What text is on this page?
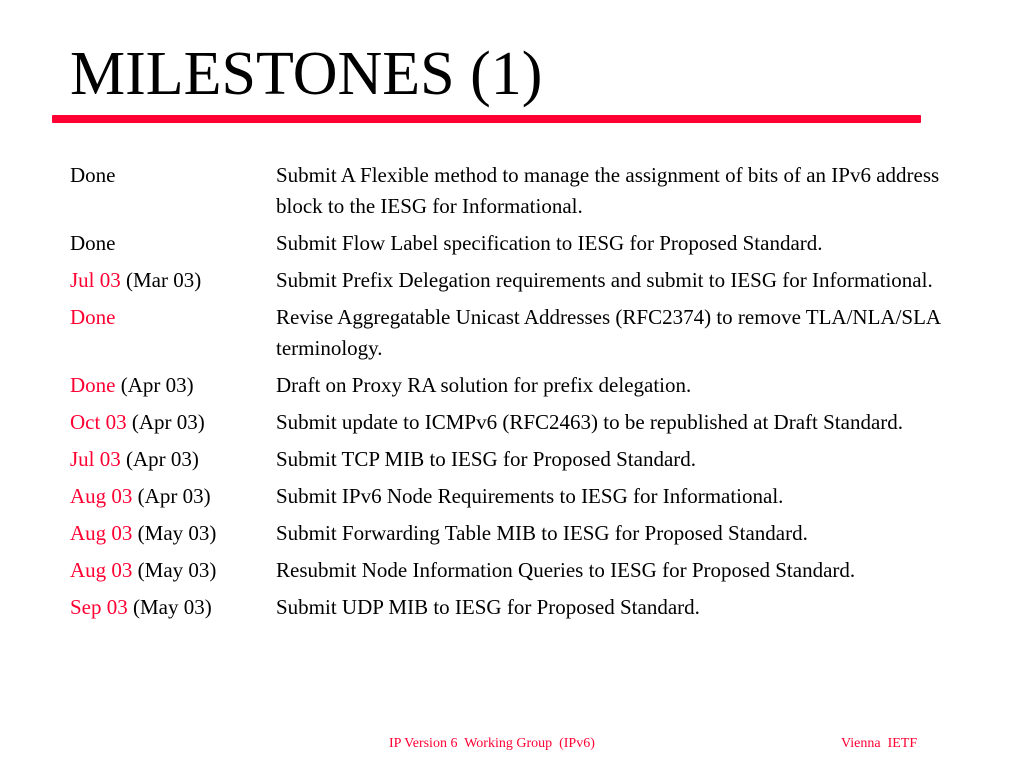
MILESTONES (1)
Done	Submit A Flexible method to manage the assignment of bits of an IPv6 address block to the IESG for Informational.
Done	Submit Flow Label specification to IESG for Proposed Standard.
Jul 03 (Mar 03)	Submit Prefix Delegation requirements and submit to IESG for Informational.
Done	Revise Aggregatable Unicast Addresses (RFC2374) to remove TLA/NLA/SLA terminology.
Done (Apr 03)	Draft on Proxy RA solution for prefix delegation.
Oct 03 (Apr 03)	Submit update to ICMPv6 (RFC2463) to be republished at Draft Standard.
Jul 03 (Apr 03)	Submit TCP MIB to IESG for Proposed Standard.
Aug 03 (Apr 03)	Submit IPv6 Node Requirements to IESG for Informational.
Aug 03 (May 03)	Submit Forwarding Table MIB to IESG for Proposed Standard.
Aug 03 (May 03)	Resubmit Node Information Queries to IESG for Proposed Standard.
Sep 03 (May 03)	Submit UDP MIB to IESG for Proposed Standard.
IP Version 6  Working Group  (IPv6)	Vienna  IETF
